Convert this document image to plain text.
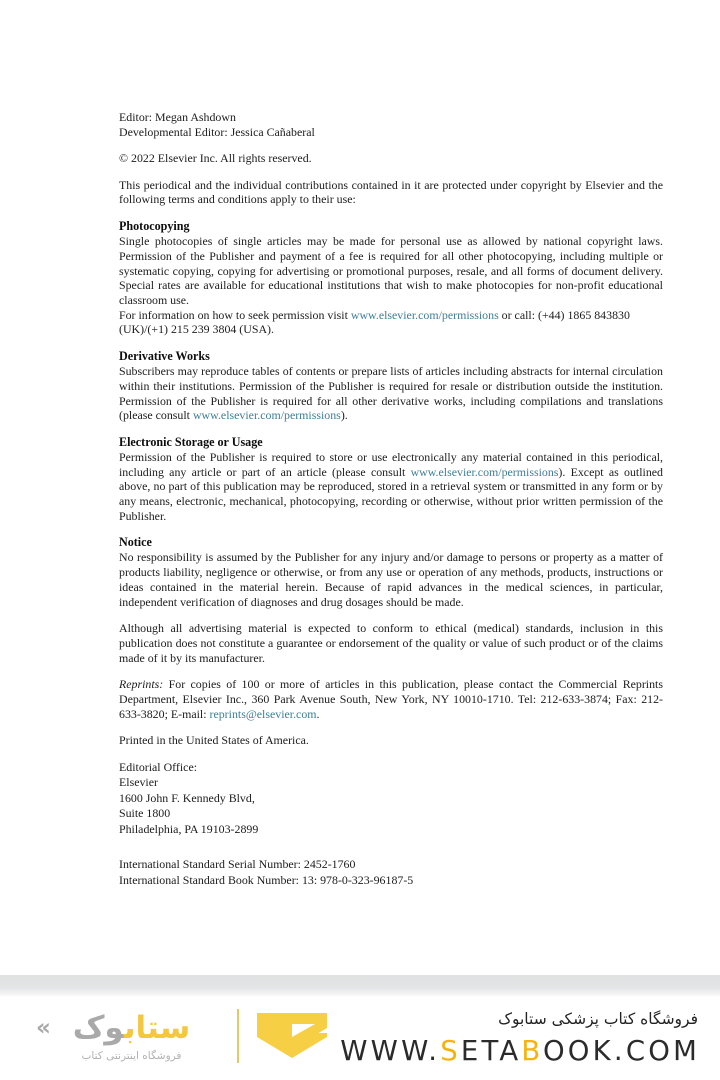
Editor: Megan Ashdown
Developmental Editor: Jessica Cañaberal
© 2022 Elsevier Inc. All rights reserved.

This periodical and the individual contributions contained in it are protected under copyright by Elsevier and the following terms and conditions apply to their use:

Photocopying

Single photocopies of single articles may be made for personal use as allowed by national copyright laws. Permission of the Publisher and payment of a fee is required for all other photocopying, including multiple or systematic copying, copying for advertising or promotional purposes, resale, and all forms of document delivery. Special rates are available for educational institutions that wish to make photocopies for non-profit educational classroom use.

For information on how to seek permission visit www.elsevier.com/permissions or call: (+44) 1865 843830 (UK)/(+1) 215 239 3804 (USA).

Derivative Works

Subscribers may reproduce tables of contents or prepare lists of articles including abstracts for internal circulation within their institutions. Permission of the Publisher is required for resale or distribution outside the institution. Permission of the Publisher is required for all other derivative works, including compilations and translations (please consult www.elsevier.com/permissions).

Electronic Storage or Usage

Permission of the Publisher is required to store or use electronically any material contained in this periodical, including any article or part of an article (please consult www.elsevier.com/permissions). Except as outlined above, no part of this publication may be reproduced, stored in a retrieval system or transmitted in any form or by any means, electronic, mechanical, photocopying, recording or otherwise, without prior written permission of the Publisher.

Notice

No responsibility is assumed by the Publisher for any injury and/or damage to persons or property as a matter of products liability, negligence or otherwise, or from any use or operation of any methods, products, instructions or ideas contained in the material herein. Because of rapid advances in the medical sciences, in particular, independent verification of diagnoses and drug dosages should be made.

Although all advertising material is expected to conform to ethical (medical) standards, inclusion in this publication does not constitute a guarantee or endorsement of the quality or value of such product or of the claims made of it by its manufacturer.

Reprints: For copies of 100 or more of articles in this publication, please contact the Commercial Reprints Department, Elsevier Inc., 360 Park Avenue South, New York, NY 10010-1710. Tel: 212-633-3874; Fax: 212-633-3820; E-mail: reprints@elsevier.com.

Printed in the United States of America.
Editorial Office:
Elsevier
1600 John F. Kennedy Blvd,
Suite 1800
Philadelphia, PA 19103-2899
International Standard Serial Number: 2452-1760
International Standard Book Number: 13: 978-0-323-96187-5
«	ستابوک
فروشگاه اینترنتی کتاب
فروشگاه کتاب پزشکی ستابوک
WWW.SETABOOK.COM
